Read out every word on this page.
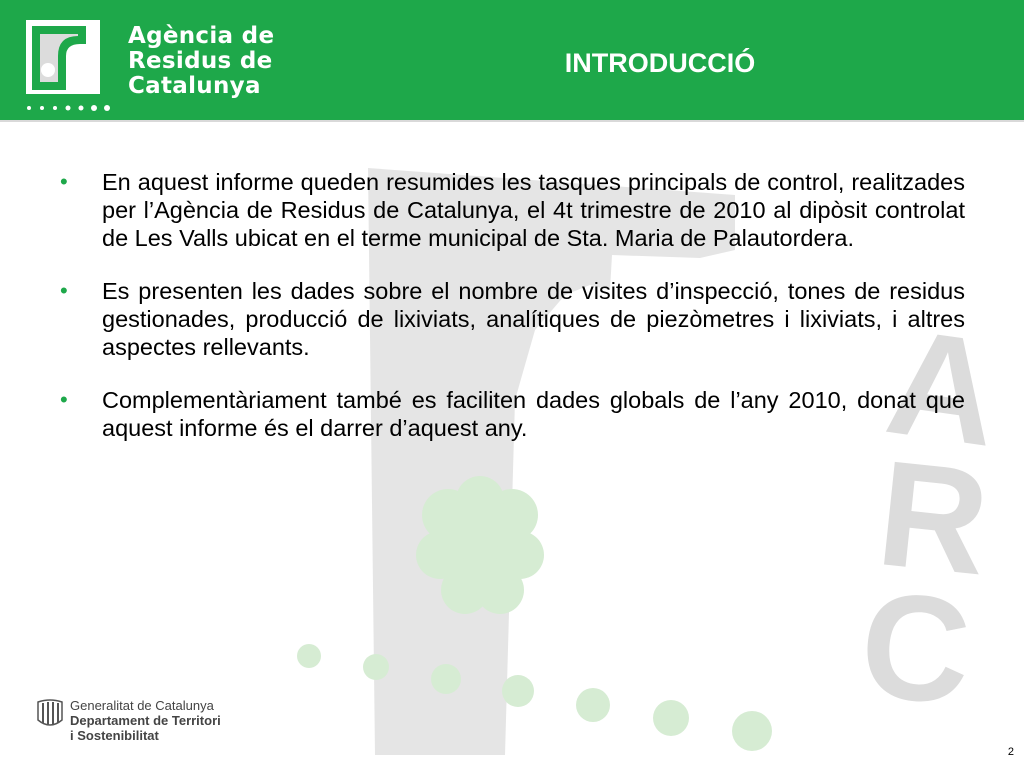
A
R
C
Agència de
Residus de
Catalunya
INTRODUCCIÓ
• En aquest informe queden resumides les tasques principals de control, realitzades per l’Agència de Residus de Catalunya, el 4t trimestre de 2010 al dipòsit controlat de Les Valls ubicat en el terme municipal de Sta. Maria de Palautordera.
• Es presenten les dades sobre el nombre de visites d’inspecció, tones de residus gestionades, producció de lixiviats, analítiques de piezòmetres i lixiviats, i altres aspectes rellevants.
• Complementàriament també es faciliten dades globals de l’any 2010, donat que aquest informe és el darrer d’aquest any.
Generalitat de Catalunya
Departament de Territori
i Sostenibilitat
2
